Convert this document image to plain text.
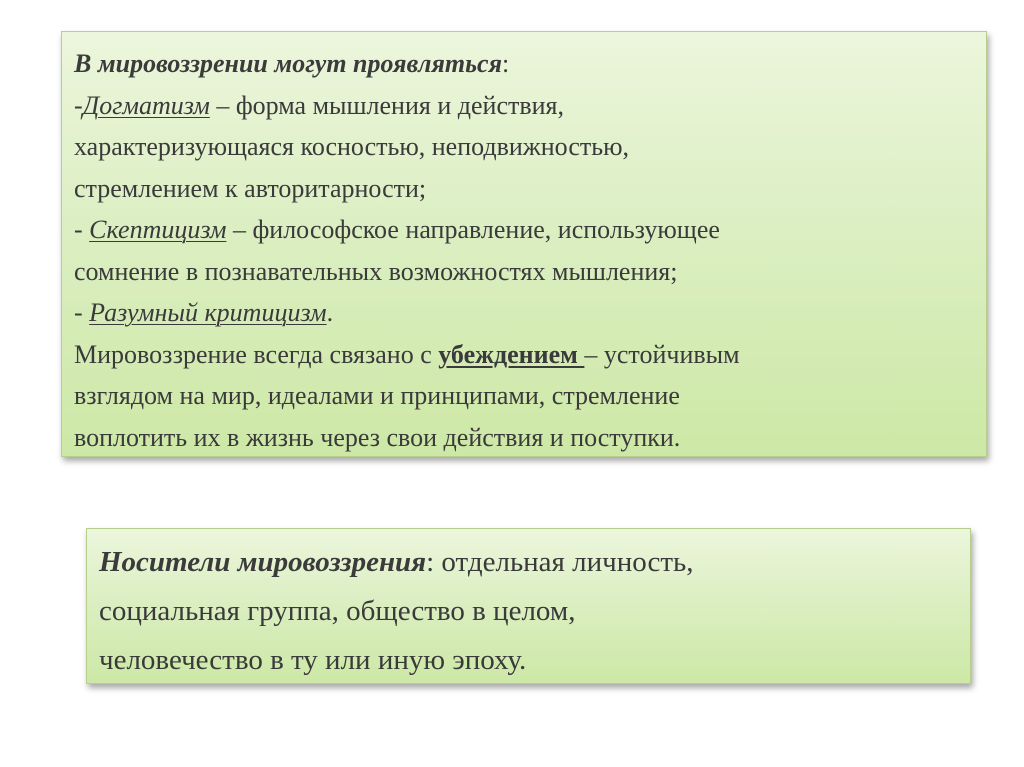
В мировоззрении могут проявляться:
-Догматизм – форма мышления и действия,
характеризующаяся косностью, неподвижностью,
стремлением к авторитарности;
- Скептицизм – философское направление, использующее
сомнение в познавательных возможностях мышления;
- Разумный критицизм.
Мировоззрение всегда связано с убеждением – устойчивым
взглядом на мир, идеалами и принципами, стремление
воплотить их в жизнь через свои действия и поступки.
Носители мировоззрения: отдельная личность,
социальная группа, общество в целом,
человечество в ту или иную эпоху.
